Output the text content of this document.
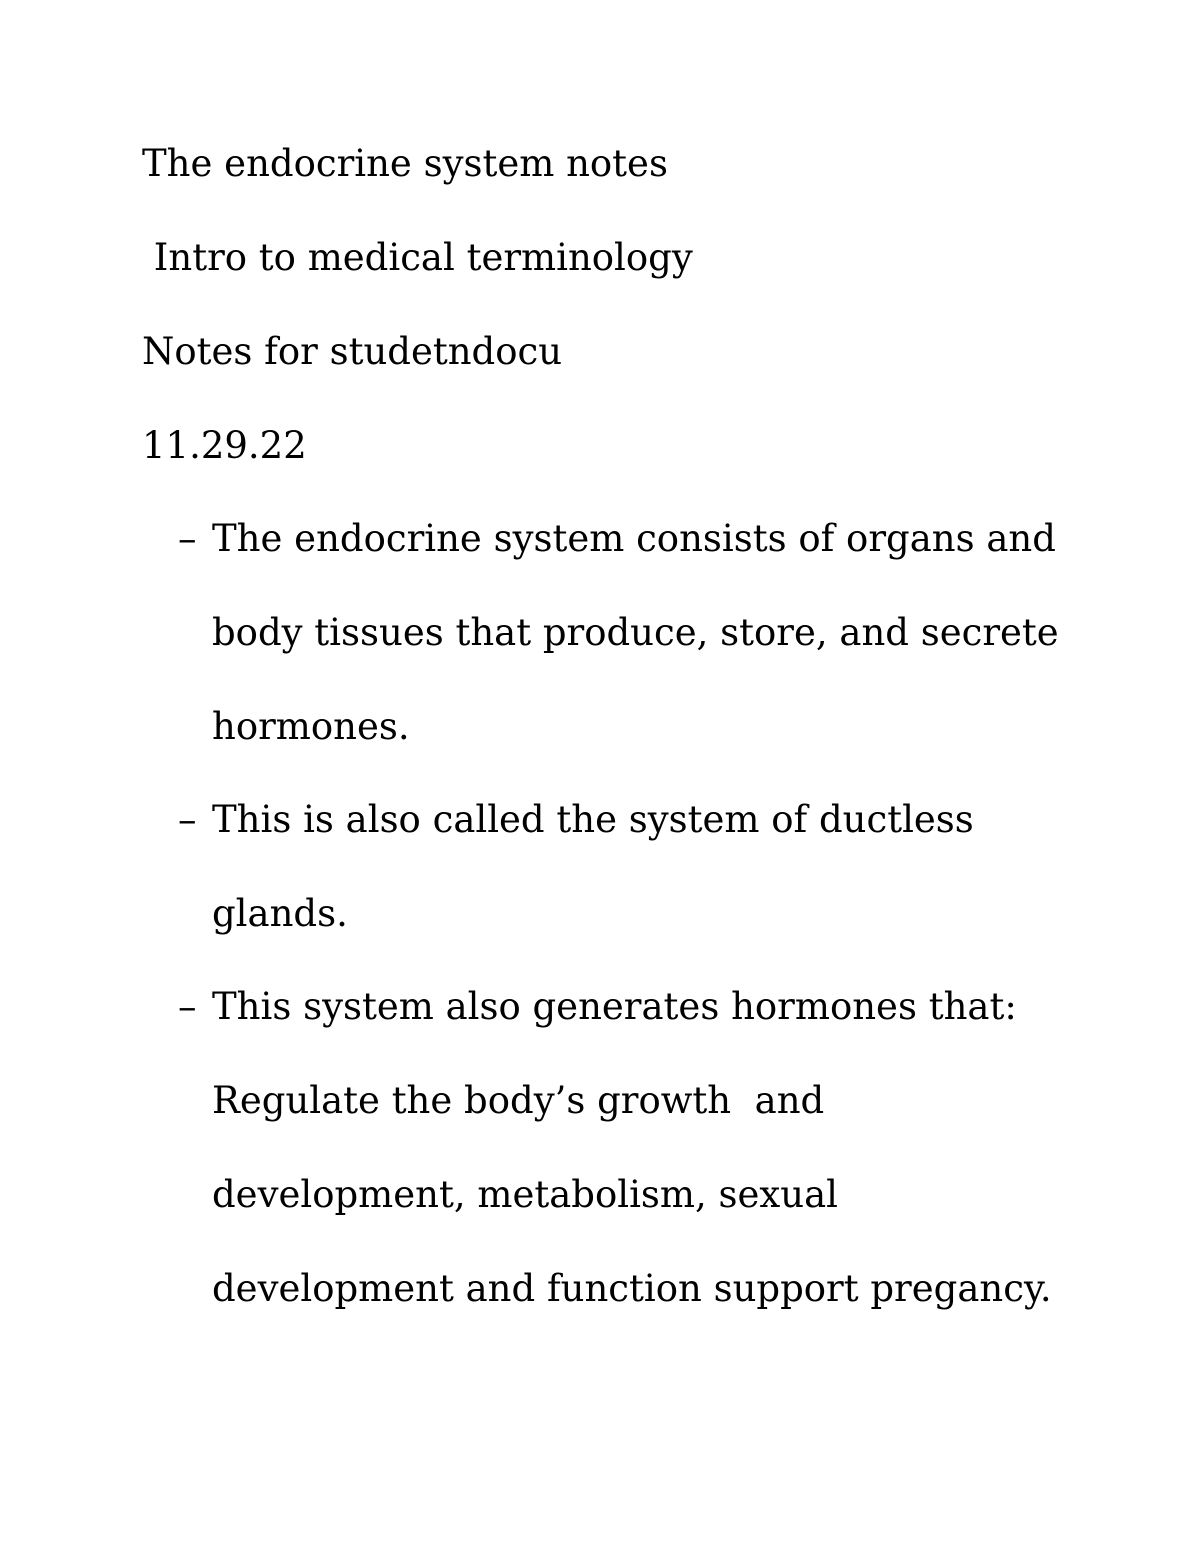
The endocrine system notes
Intro to medical terminology
Notes for studetndocu
11.29.22
– The endocrine system consists of organs and
body tissues that produce, store, and secrete
hormones.
– This is also called the system of ductless
glands.
– This system also generates hormones that:
Regulate the body’s growth  and
development, metabolism, sexual
development and function support pregancy.
